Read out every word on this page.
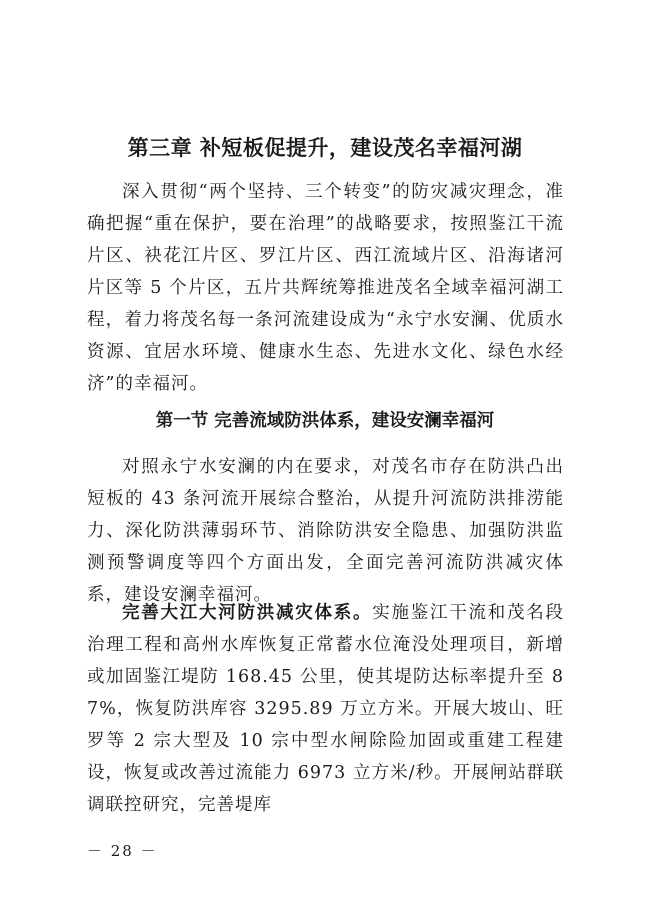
第三章 补短板促提升，建设茂名幸福河湖

深入贯彻“两个坚持、三个转变”的防灾减灾理念，准确把握“重在保护，要在治理”的战略要求，按照鉴江干流片区、袂花江片区、罗江片区、西江流域片区、沿海诸河片区等 5 个片区，五片共辉统筹推进茂名全域幸福河湖工程，着力将茂名每一条河流建设成为“永宁水安澜、优质水资源、宜居水环境、健康水生态、先进水文化、绿色水经济”的幸福河。

第一节 完善流域防洪体系，建设安澜幸福河

对照永宁水安澜的内在要求，对茂名市存在防洪凸出短板的 43 条河流开展综合整治，从提升河流防洪排涝能力、深化防洪薄弱环节、消除防洪安全隐患、加强防洪监测预警调度等四个方面出发，全面完善河流防洪减灾体系，建设安澜幸福河。

完善大江大河防洪减灾体系。实施鉴江干流和茂名段治理工程和高州水库恢复正常蓄水位淹没处理项目，新增或加固鉴江堤防 168.45 公里，使其堤防达标率提升至 87%，恢复防洪库容 3295.89 万立方米。开展大坡山、旺罗等 2 宗大型及 10 宗中型水闸除险加固或重建工程建设，恢复或改善过流能力 6973 立方米/秒。开展闸站群联调联控研究，完善堤库

－ 28 －
